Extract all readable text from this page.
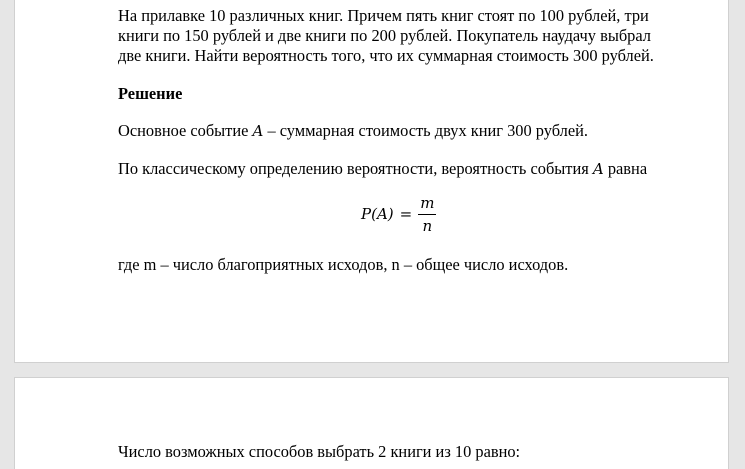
На прилавке 10 различных книг. Причем пять книг стоят по 100 рублей, три

книги по 150 рублей и две книги по 200 рублей. Покупатель наудачу выбрал

две книги. Найти вероятность того, что их суммарная стоимость 300 рублей.

Решение

Основное событие A – суммарная стоимость двух книг 300 рублей.

По классическому определению вероятности, вероятность события A равна

$P(A) = \frac{m}{n}$

где m – число благоприятных исходов, n – общее число исходов.

Число возможных способов выбрать 2 книги из 10 равно:
